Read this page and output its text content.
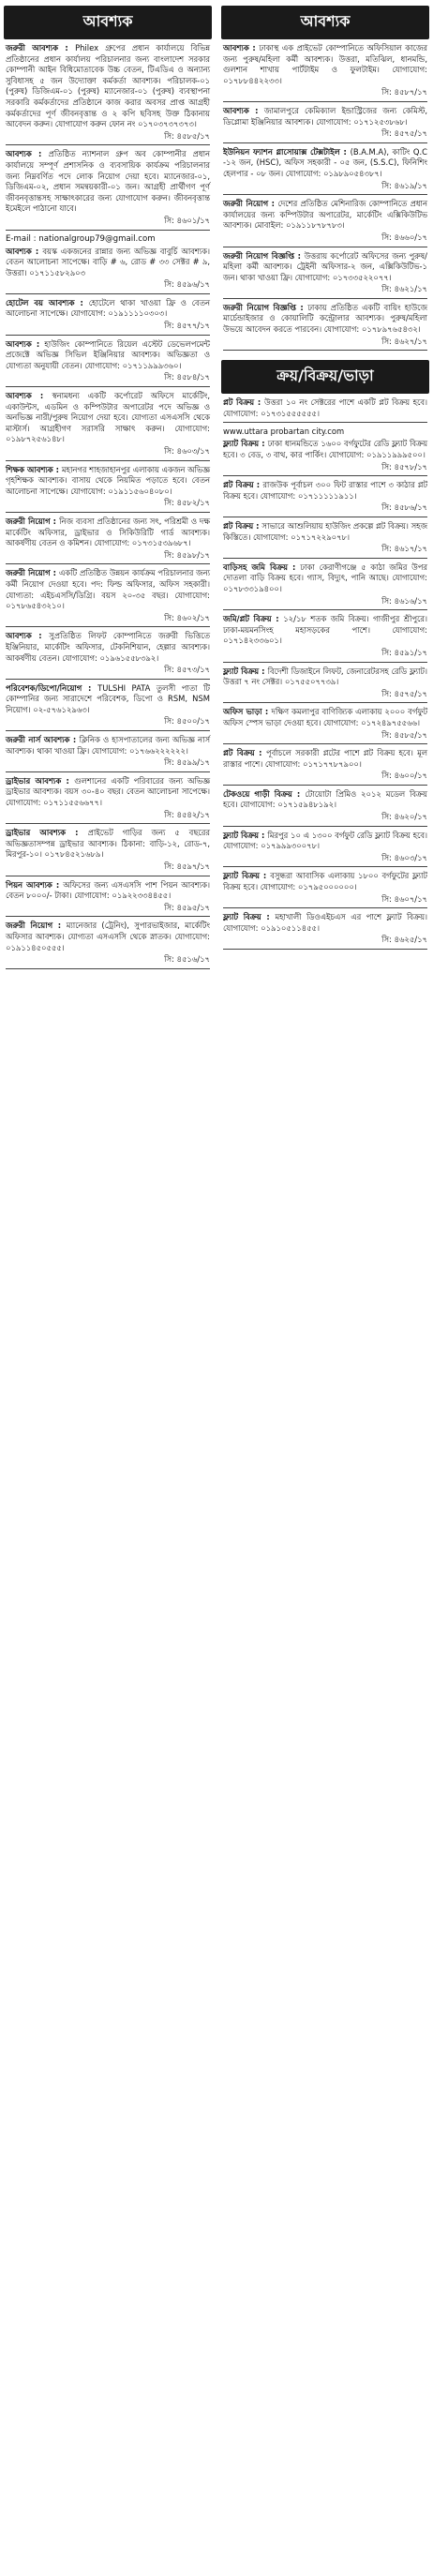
আবশ্যক
জরুরী আবশ্যক : Philex গ্রুপের প্রধান কার্যালয়ে বিভিন্ন প্রতিষ্ঠানের প্রধান কার্যালয় পরিচালনার জন্য বাংলাদেশ সরকার কোম্পানী আইন বিধিমোতাবেক উচ্চ বেতন, টিএডিএ ও অন্যান্য সুবিধাসহ ৫ জন উদ্যোক্তা কর্মকর্তা আবশ্যক। পরিচালক-০১ (পুরুষ) ডিজিএম-০১ (পুরুষ) ম্যানেজার-০১ (পুরুষ) ব্যবস্থাপনা সরকারি কর্মকর্তাদের প্রতিষ্ঠানে কাজ করার অবসর প্রাপ্ত আগ্রহী কর্মকর্তাদের পূর্ণ জীবনবৃত্তান্ত ও ২ কপি ছবিসহ উক্ত ঠিকানায় আবেদন করুন। যোগাযোগ করুন ফোন নং ০১৭০৩৭৩৭৩৭৩।
সি: ৪৫৮৫/১৭
আবশ্যক : প্রতিষ্ঠিত ন্যাশনাল গ্রুপ অব কোম্পানীর প্রধান কার্যালয়ে সম্পূর্ণ প্রশাসনিক ও ব্যবসায়িক কার্যক্রম পরিচালনার জন্য নিম্নবর্ণিত পদে লোক নিয়োগ দেয়া হবে। ম্যানেজার-০১, ডিজিএম-০২, প্রধান সমন্বয়কারী-০১ জন। আগ্রহী প্রার্থীগণ পূর্ণ জীবনবৃত্তান্তসহ সাক্ষাৎকারের জন্য যোগাযোগ করুন। জীবনবৃত্তান্ত ইমেইলে পাঠানো যাবে।
সি: ৪৬০১/১৭
E-mail : nationalgroup79@gmail.com
আবশ্যক : বয়স্ক একজনের রান্নার জন্য অভিজ্ঞ বাবুর্চি আবশ্যক। বেতন আলোচনা সাপেক্ষে। বাড়ি # ৬, রোড # ৩৩ সেক্টর # ৯, উত্তরা। ০১৭১১৫৮২৯০৩
সি: ৪৫৯৬/১৭
হোটেল বয় আবশ্যক : হোটেলে থাকা খাওয়া ফ্রি ও বেতন আলোচনা সাপেক্ষে। যোগাযোগ: ০১৯১১১১০৩০৩।
সি: ৪৫৭৭/১৭
আবশ্যক : হাউজিং কোম্পানিতে রিয়েল এস্টেট ডেভেলপমেন্ট প্রজেক্টে অভিজ্ঞ সিভিল ইঞ্জিনিয়ার আবশ্যক। অভিজ্ঞতা ও যোগ্যতা অনুযায়ী বেতন। যোগাযোগ: ০১৭১১৯৯৯৩৬০।
সি: ৪৫৮৪/১৭
আবশ্যক : স্বনামধন্য একটি কর্পোরেট অফিসে মার্কেটিং, একাউন্টস, এডমিন ও কম্পিউটার অপারেটর পদে অভিজ্ঞ ও অনভিজ্ঞ নারী/পুরুষ নিয়োগ দেয়া হবে। যোগ্যতা এসএসসি থেকে মাস্টার্স। আগ্রহীগণ সরাসরি সাক্ষাৎ করুন। যোগাযোগ: ০১৯৮৭২৫৬১৪৮।
সি: ৪৬০৩/১৭
শিক্ষক আবশ্যক : মহানগর শাহজাহানপুর এলাকায় একজন অভিজ্ঞ গৃহশিক্ষক আবশ্যক। বাসায় থেকে নিয়মিত পড়াতে হবে। বেতন আলোচনা সাপেক্ষে। যোগাযোগ: ০১৯১১৫৬০৪০৮০।
সি: ৪৫৮২/১৭
জরুরী নিয়োগ : নিজ ব্যবসা প্রতিষ্ঠানের জন্য সৎ, পরিশ্রমী ও দক্ষ মার্কেটিং অফিসার, ড্রাইভার ও সিকিউরিটি গার্ড আবশ্যক। আকর্ষণীয় বেতন ও কমিশন। যোগাযোগ: ০১৭৩১৫৩৯৬৮৭।
সি: ৪৫৯৮/১৭
জরুরী নিয়োগ : একটি প্রতিষ্ঠিত উন্নয়ন কার্যক্রম পরিচালনার জন্য কর্মী নিয়োগ দেওয়া হবে। পদ: ফিল্ড অফিসার, অফিস সহকারী। যোগ্যতা: এইচএসসি/ডিগ্রি। বয়স ২০-৩৫ বছর। যোগাযোগ: ০১৭৮৬৫৪৩২১০।
সি: ৪৬০২/১৭
আবশ্যক : সুপ্রতিষ্ঠিত লিফট কোম্পানিতে জরুরী ভিত্তিতে ইঞ্জিনিয়ার, মার্কেটিং অফিসার, টেকনিশিয়ান, হেল্পার আবশ্যক। আকর্ষণীয় বেতন। যোগাযোগ: ০১৯৬১৫৫৮৩৯২।
সি: ৪৫৭৩/১৭
পরিবেশক/ডিপো/নিয়োগ : TULSHI PATA তুলসী পাতা টি কোম্পানির জন্য সারাদেশে পরিবেশক, ডিপো ও RSM, NSM নিয়োগ। ০২-৫৭৬১২৯৬৩।
সি: ৪৫০০/১৭
জরুরী নার্স আবশ্যক : ক্লিনিক ও হাসপাতালের জন্য অভিজ্ঞ নার্স আবশ্যক। থাকা খাওয়া ফ্রি। যোগাযোগ: ০১৭৬৬২২২২২২।
সি: ৪৫৯৯/১৭
ড্রাইভার আবশ্যক : গুলশানের একটি পরিবারের জন্য অভিজ্ঞ ড্রাইভার আবশ্যক। বয়স ৩০-৪০ বছর। বেতন আলোচনা সাপেক্ষে। যোগাযোগ: ০১৭১১৫৫৬৬৭৭।
সি: ৪৫৪২/১৭
ড্রাইভার আবশ্যক : প্রাইভেট গাড়ির জন্য ৫ বছরের অভিজ্ঞতাসম্পন্ন ড্রাইভার আবশ্যক। ঠিকানা: বাড়ি-১২, রোড-৭, মিরপুর-১০। ০১৭৮৪৫২১৬৮৯।
সি: ৪৫৯৭/১৭
পিয়ন আবশ্যক : অফিসের জন্য এসএসসি পাশ পিয়ন আবশ্যক। বেতন ৮০০০/- টাকা। যোগাযোগ: ০১৯২২৩৩৪৪৫৫।
সি: ৪৫৯৫/১৭
জরুরী নিয়োগ : ম্যানেজার (ট্রেনিং), সুপারভাইজার, মার্কেটিং অফিসার আবশ্যক। যোগ্যতা এসএসসি থেকে স্নাতক। যোগাযোগ: ০১৯১১৪৫০৫৫৫।
সি: ৪৫১৬/১৭
আবশ্যক
আবশ্যক : ঢাকাস্থ এক প্রাইভেট কোম্পানিতে অফিসিয়াল কাজের জন্য পুরুষ/মহিলা কর্মী আবশ্যক। উত্তরা, মতিঝিল, ধানমন্ডি, গুলশান শাখায় পার্টটাইম ও ফুলটাইম। যোগাযোগ: ০১৭৮৮৪৪২২৩৩।
সি: ৪৫৮৭/১৭
আবশ্যক : জামালপুরে কেমিক্যাল ইন্ডাস্ট্রিজের জন্য কেমিস্ট, ডিপ্লোমা ইঞ্জিনিয়ার আবশ্যক। যোগাযোগ: ০১৭১২৫৩৮৬৮।
সি: ৪৫৭৫/১৭
ইউনিয়ন ফ্যাশন গ্লাসোয়াক্স টেক্সটাইল : (B.A.M.A), কাটিং Q.C -১২ জন, (HSC), অফিস সহকারী - ০৫ জন, (S.S.C), ফিনিশিং হেলপার - ০৮ জন। যোগাযোগ: ০১৯৮৯০৫৪৩৮৭।
সি: ৪৬১৯/১৭
জরুরী নিয়োগ : দেশের প্রতিষ্ঠিত মেশিনারিজ কোম্পানিতে প্রধান কার্যালয়ের জন্য কম্পিউটার অপারেটর, মার্কেটিং এক্সিকিউটিভ আবশ্যক। মোবাইল: ০১৯১১৮৭৮৭৮৩।
সি: ৪৬৬০/১৭
জরুরী নিয়োগ বিজ্ঞপ্তি : উত্তরায় কর্পোরেট অফিসের জন্য পুরুষ/মহিলা কর্মী আবশ্যক। ট্রেইনী অফিসার-২ জন, এক্সিকিউটিভ-১ জন। থাকা খাওয়া ফ্রি। যোগাযোগ: ০১৭৩৩৫২২০৭৭।
সি: ৪৬২১/১৭
জরুরী নিয়োগ বিজ্ঞপ্তি : ঢাকায় প্রতিষ্ঠিত একটি বায়িং হাউজে মার্চেন্ডাইজার ও কোয়ালিটি কন্ট্রোলার আবশ্যক। পুরুষ/মহিলা উভয়ে আবেদন করতে পারবেন। যোগাযোগ: ০১৭৮৯৭৬৫৪৩২।
সি: ৪৬২৭/১৭
ক্রয়/বিক্রয়/ভাড়া
প্লট বিক্রয় : উত্তরা ১০ নং সেক্টরের পাশে একটি প্লট বিক্রয় হবে। যোগাযোগ: ০১৭৩১৫৫৫৫৫৫।
www.uttara probartan city.com
ফ্ল্যাট বিক্রয় : ঢাকা ধানমন্ডিতে ১৬০০ বর্গফুটের রেডি ফ্ল্যাট বিক্রয় হবে। ৩ বেড, ৩ বাথ, কার পার্কিং। যোগাযোগ: ০১৯১১৯৯৯৫০০।
সি: ৪৫৭৮/১৭
প্লট বিক্রয় : রাজউক পূর্বাচল ৩০০ ফিট রাস্তার পাশে ৩ কাঠার প্লট বিক্রয় হবে। যোগাযোগ: ০১৭১১১১১৯১১।
সি: ৪৫৮৬/১৭
প্লট বিক্রয় : সাভারে আশুলিয়ায় হাউজিং প্রকল্পে প্লট বিক্রয়। সহজ কিস্তিতে। যোগাযোগ: ০১৭১৭২২৯০৭৮।
সি: ৪৬১৭/১৭
বাড়িসহ জমি বিক্রয় : ঢাকা কেরাণীগঞ্জে ৫ কাঠা জমির উপর দোতলা বাড়ি বিক্রয় হবে। গ্যাস, বিদ্যুৎ, পানি আছে। যোগাযোগ: ০১৭৮৩৩১৯৪০০।
সি: ৪৬১৬/১৭
জমি/প্লট বিক্রয় : ১২/১৮ শতক জমি বিক্রয়। গাজীপুর শ্রীপুরে। ঢাকা-ময়মনসিংহ মহাসড়কের পাশে। যোগাযোগ: ০১৭১৪২৩৩৬০১।
সি: ৪৫৯১/১৭
ফ্ল্যাট বিক্রয় : বিদেশী ডিজাইনে লিফট, জেনারেটরসহ রেডি ফ্ল্যাট। উত্তরা ৭ নং সেক্টর। ০১৭৫৫০৭৭৩৯।
সি: ৪৫৭৫/১৭
অফিস ভাড়া : দক্ষিণ কমলাপুর বাণিজ্যিক এলাকায় ২০০০ বর্গফুট অফিস স্পেস ভাড়া দেওয়া হবে। যোগাযোগ: ০১৭২৪৯৭৫৫৬৬।
সি: ৪৫৮৫/১৭
প্লট বিক্রয় : পূর্বাচলে সরকারী প্লটের পাশে প্লট বিক্রয় হবে। মূল রাস্তার পাশে। যোগাযোগ: ০১৭১৭৭৮৭৯০০।
সি: ৪৬০০/১৭
টেকওয়ে গাড়ী বিক্রয় : টোয়োটা প্রিমিও ২০১২ মডেল বিক্রয় হবে। যোগাযোগ: ০১৭১৫৯৪৮১৯২।
সি: ৪৬২০/১৭
ফ্ল্যাট বিক্রয় : মিরপুর ১০ এ ১৩০০ বর্গফুট রেডি ফ্ল্যাট বিক্রয় হবে। যোগাযোগ: ০১৭৯৯৯৩০০৭৮।
সি: ৪৬০৩/১৭
ফ্ল্যাট বিক্রয় : বসুন্ধরা আবাসিক এলাকায় ১৮০০ বর্গফুটের ফ্ল্যাট বিক্রয় হবে। যোগাযোগ: ০১৭৯৫০০০০০০।
সি: ৪৬০৭/১৭
ফ্ল্যাট বিক্রয় : মহাখালী ডিওএইচএস এর পাশে ফ্ল্যাট বিক্রয়। যোগাযোগ: ০১৯১০৫১১৪৫৫।
সি: ৪৬২৫/১৭
